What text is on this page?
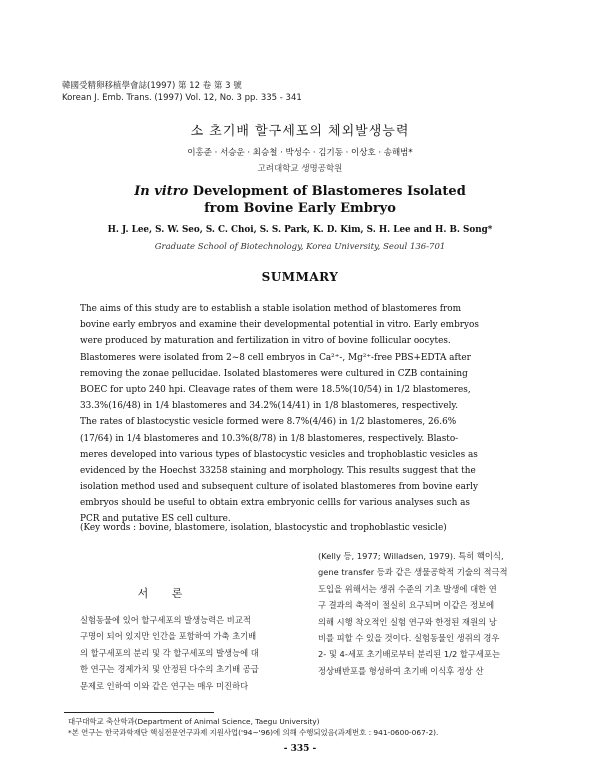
韓國受精卵移植學會誌(1997) 第 12 卷 第 3 號
Korean J. Emb. Trans. (1997) Vol. 12, No. 3 pp. 335 - 341
소 초기배 할구세포의 체외발생능력
이홍준 · 서승운 · 최승철 · 박성수 · 김기동 · 이상호 · 송해범*
고려대학교 생명공학원
In vitro Development of Blastomeres Isolated
from Bovine Early Embryo
H. J. Lee, S. W. Seo, S. C. Choi, S. S. Park, K. D. Kim, S. H. Lee and H. B. Song*
Graduate School of Biotechnology, Korea University, Seoul 136-701
SUMMARY
The aims of this study are to establish a stable isolation method of blastomeres from
bovine early embryos and examine their developmental potential in vitro. Early embryos
were produced by maturation and fertilization in vitro of bovine follicular oocytes.
Blastomeres were isolated from 2~8 cell embryos in Ca²⁺-, Mg²⁺-free PBS+EDTA after
removing the zonae pellucidae. Isolated blastomeres were cultured in CZB containing
BOEC for upto 240 hpi. Cleavage rates of them were 18.5%(10/54) in 1/2 blastomeres,
33.3%(16/48) in 1/4 blastomeres and 34.2%(14/41) in 1/8 blastomeres, respectively.
The rates of blastocystic vesicle formed were 8.7%(4/46) in 1/2 blastomeres, 26.6%
(17/64) in 1/4 blastomeres and 10.3%(8/78) in 1/8 blastomeres, respectively. Blasto-
meres developed into various types of blastocystic vesicles and trophoblastic vesicles as
evidenced by the Hoechst 33258 staining and morphology. This results suggest that the
isolation method used and subsequent culture of isolated blastomeres from bovine early
embryos should be useful to obtain extra embryonic cellls for various analyses such as
PCR and putative ES cell culture.
(Key words : bovine, blastomere, isolation, blastocystic and trophoblastic vesicle)
서 론
실험동물에 있어 할구세포의 발생능력은 비교적
구명이 되어 있지만 인간을 포함하여 가축 초기배
의 할구세포의 분리 및 각 할구세포의 발생능에 대
한 연구는 경제가치 및 안정된 다수의 초기배 공급
문제로 인하여 이와 같은 연구는 매우 미진하다
(Kelly 등, 1977; Willadsen, 1979). 특히 핵이식,
gene transfer 등과 같은 생물공학적 기술의 적극적
도입을 위해서는 생쥐 수준의 기초 발생에 대한 연
구 결과의 축적이 절실히 요구되며 이같은 정보에
의해 시행 착오적인 실험 연구와 한정된 재원의 낭
비를 피할 수 있을 것이다. 실험동물인 생쥐의 경우
2- 및 4-세포 초기배로부터 분리된 1/2 할구세포는
정상배반포를 형성하여 초기배 이식후 정상 산
대구대학교 축산학과(Department of Animal Science, Taegu University)
*본 연구는 한국과학재단 핵심전문연구과제 지원사업('94~'96)에 의해 수행되었음(과제번호 : 941-0600-067-2).
- 335 -
